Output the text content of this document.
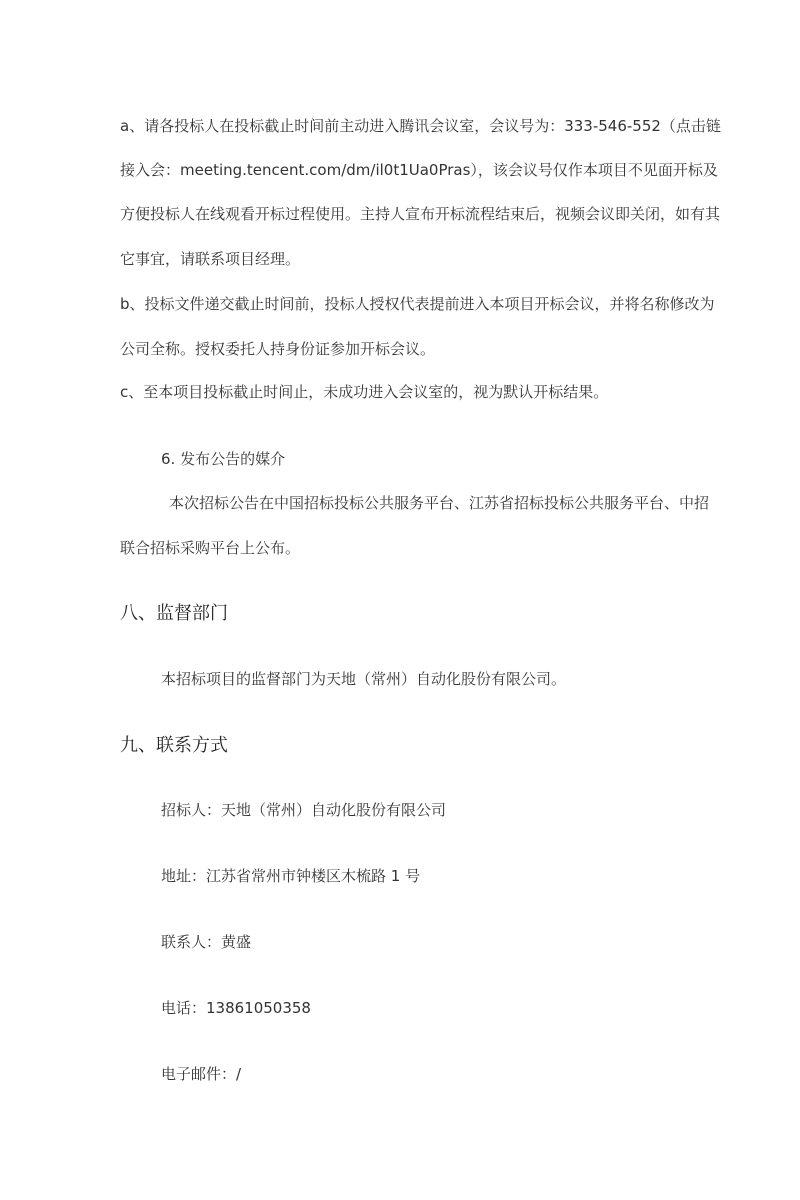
a、请各投标人在投标截止时间前主动进入腾讯会议室，会议号为：333-546-552（点击链
接入会：meeting.tencent.com/dm/il0t1Ua0Pras），该会议号仅作本项目不见面开标及
方便投标人在线观看开标过程使用。主持人宣布开标流程结束后，视频会议即关闭，如有其
它事宜，请联系项目经理。
b、投标文件递交截止时间前，投标人授权代表提前进入本项目开标会议，并将名称修改为
公司全称。授权委托人持身份证参加开标会议。
c、至本项目投标截止时间止，未成功进入会议室的，视为默认开标结果。
6. 发布公告的媒介
本次招标公告在中国招标投标公共服务平台、江苏省招标投标公共服务平台、中招
联合招标采购平台上公布。
八、监督部门
本招标项目的监督部门为天地（常州）自动化股份有限公司。
九、联系方式
招标人：天地（常州）自动化股份有限公司
地址：江苏省常州市钟楼区木梳路 1 号
联系人：黄盛
电话：13861050358
电子邮件：/
